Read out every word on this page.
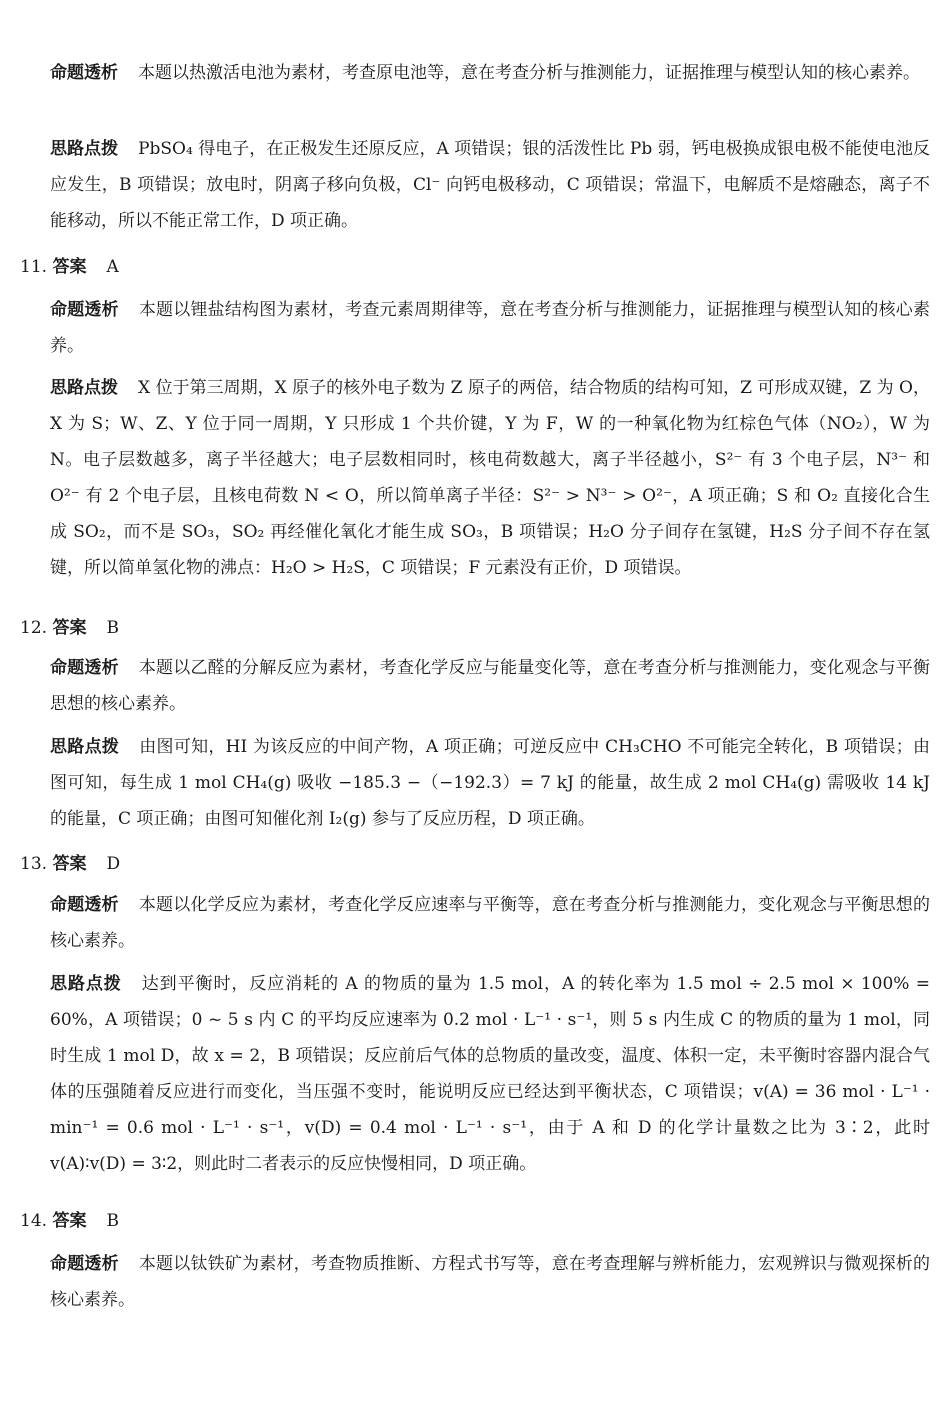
命题透析 本题以热激活电池为素材，考查原电池等，意在考查分析与推测能力，证据推理与模型认知的核心素养。
思路点拨 PbSO₄ 得电子，在正极发生还原反应，A 项错误；银的活泼性比 Pb 弱，钙电极换成银电极不能使电池反应发生，B 项错误；放电时，阴离子移向负极，Cl⁻ 向钙电极移动，C 项错误；常温下，电解质不是熔融态，离子不能移动，所以不能正常工作，D 项正确。
11. 答案 A
命题透析 本题以锂盐结构图为素材，考查元素周期律等，意在考查分析与推测能力，证据推理与模型认知的核心素养。
思路点拨 X 位于第三周期，X 原子的核外电子数为 Z 原子的两倍，结合物质的结构可知，Z 可形成双键，Z 为 O，X 为 S；W、Z、Y 位于同一周期，Y 只形成 1 个共价键，Y 为 F，W 的一种氧化物为红棕色气体（NO₂），W 为 N。电子层数越多，离子半径越大；电子层数相同时，核电荷数越大，离子半径越小，S²⁻ 有 3 个电子层，N³⁻ 和 O²⁻ 有 2 个电子层，且核电荷数 N < O，所以简单离子半径：S²⁻ > N³⁻ > O²⁻，A 项正确；S 和 O₂ 直接化合生成 SO₂，而不是 SO₃，SO₂ 再经催化氧化才能生成 SO₃，B 项错误；H₂O 分子间存在氢键，H₂S 分子间不存在氢键，所以简单氢化物的沸点：H₂O > H₂S，C 项错误；F 元素没有正价，D 项错误。
12. 答案 B
命题透析 本题以乙醛的分解反应为素材，考查化学反应与能量变化等，意在考查分析与推测能力，变化观念与平衡思想的核心素养。
思路点拨 由图可知，HI 为该反应的中间产物，A 项正确；可逆反应中 CH₃CHO 不可能完全转化，B 项错误；由图可知，每生成 1 mol CH₄(g) 吸收 −185.3 −（−192.3）= 7 kJ 的能量，故生成 2 mol CH₄(g) 需吸收 14 kJ 的能量，C 项正确；由图可知催化剂 I₂(g) 参与了反应历程，D 项正确。
13. 答案 D
命题透析 本题以化学反应为素材，考查化学反应速率与平衡等，意在考查分析与推测能力，变化观念与平衡思想的核心素养。
思路点拨 达到平衡时，反应消耗的 A 的物质的量为 1.5 mol，A 的转化率为 1.5 mol ÷ 2.5 mol × 100% = 60%，A 项错误；0 ~ 5 s 内 C 的平均反应速率为 0.2 mol · L⁻¹ · s⁻¹，则 5 s 内生成 C 的物质的量为 1 mol，同时生成 1 mol D，故 x = 2，B 项错误；反应前后气体的总物质的量改变，温度、体积一定，未平衡时容器内混合气体的压强随着反应进行而变化，当压强不变时，能说明反应已经达到平衡状态，C 项错误；v(A) = 36 mol · L⁻¹ · min⁻¹ = 0.6 mol · L⁻¹ · s⁻¹，v(D) = 0.4 mol · L⁻¹ · s⁻¹，由于 A 和 D 的化学计量数之比为 3∶2，此时 v(A)∶v(D) = 3∶2，则此时二者表示的反应快慢相同，D 项正确。
14. 答案 B
命题透析 本题以钛铁矿为素材，考查物质推断、方程式书写等，意在考查理解与辨析能力，宏观辨识与微观探析的核心素养。
